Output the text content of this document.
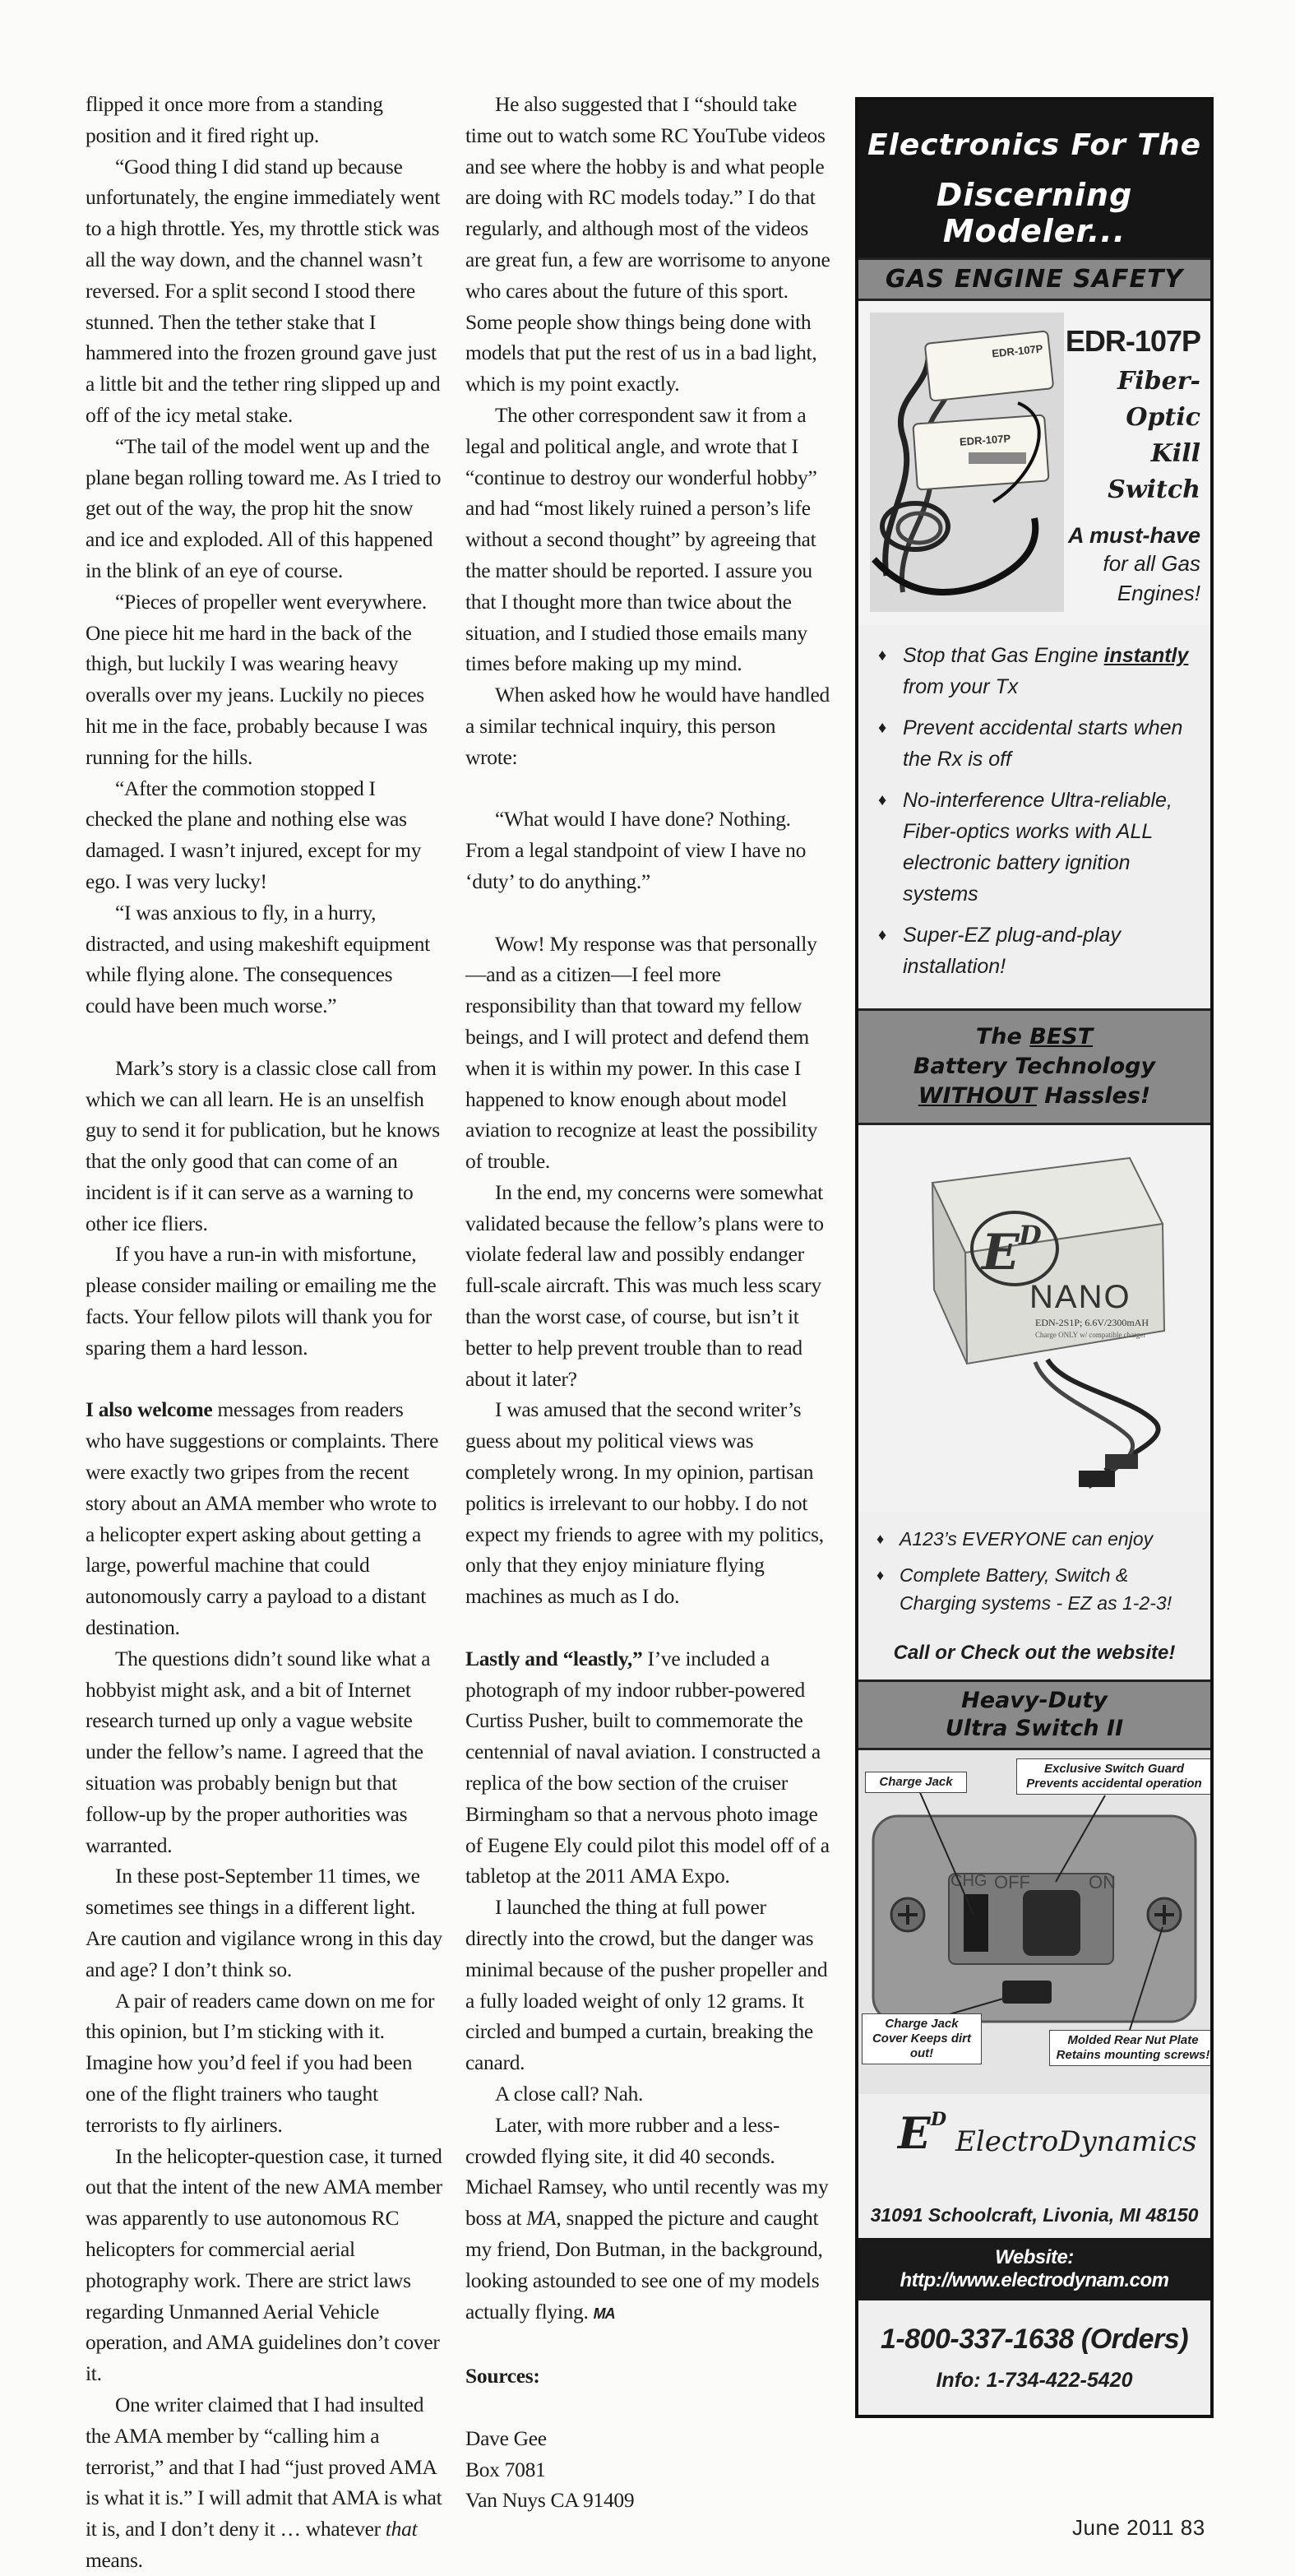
flipped it once more from a standing position and it fired right up.

“Good thing I did stand up because unfortunately, the engine immediately went to a high throttle. Yes, my throttle stick was all the way down, and the channel wasn’t reversed. For a split second I stood there stunned. Then the tether stake that I hammered into the frozen ground gave just a little bit and the tether ring slipped up and off of the icy metal stake.

“The tail of the model went up and the plane began rolling toward me. As I tried to get out of the way, the prop hit the snow and ice and exploded. All of this happened in the blink of an eye of course.

“Pieces of propeller went everywhere. One piece hit me hard in the back of the thigh, but luckily I was wearing heavy overalls over my jeans. Luckily no pieces hit me in the face, probably because I was running for the hills.

“After the commotion stopped I checked the plane and nothing else was damaged. I wasn’t injured, except for my ego. I was very lucky!

“I was anxious to fly, in a hurry, distracted, and using makeshift equipment while flying alone. The consequences could have been much worse.”

Mark’s story is a classic close call from which we can all learn. He is an unselfish guy to send it for publication, but he knows that the only good that can come of an incident is if it can serve as a warning to other ice fliers.

If you have a run-in with misfortune, please consider mailing or emailing me the facts. Your fellow pilots will thank you for sparing them a hard lesson.

I also welcome messages from readers who have suggestions or complaints. There were exactly two gripes from the recent story about an AMA member who wrote to a helicopter expert asking about getting a large, powerful machine that could autonomously carry a payload to a distant destination.

The questions didn’t sound like what a hobbyist might ask, and a bit of Internet research turned up only a vague website under the fellow’s name. I agreed that the situation was probably benign but that follow-up by the proper authorities was warranted.

In these post-September 11 times, we sometimes see things in a different light. Are caution and vigilance wrong in this day and age? I don’t think so.

A pair of readers came down on me for this opinion, but I’m sticking with it. Imagine how you’d feel if you had been one of the flight trainers who taught terrorists to fly airliners.

In the helicopter-question case, it turned out that the intent of the new AMA member was apparently to use autonomous RC helicopters for commercial aerial photography work. There are strict laws regarding Unmanned Aerial Vehicle operation, and AMA guidelines don’t cover it.

One writer claimed that I had insulted the AMA member by “calling him a terrorist,” and that I had “just proved AMA is what it is.” I will admit that AMA is what it is, and I don’t deny it … whatever that means.

He also suggested that I “should take time out to watch some RC YouTube videos and see where the hobby is and what people are doing with RC models today.” I do that regularly, and although most of the videos are great fun, a few are worrisome to anyone who cares about the future of this sport. Some people show things being done with models that put the rest of us in a bad light, which is my point exactly.

The other correspondent saw it from a legal and political angle, and wrote that I “continue to destroy our wonderful hobby” and had “most likely ruined a person’s life without a second thought” by agreeing that the matter should be reported. I assure you that I thought more than twice about the situation, and I studied those emails many times before making up my mind.

When asked how he would have handled a similar technical inquiry, this person wrote:

“What would I have done? Nothing. From a legal standpoint of view I have no ‘duty’ to do anything.”

Wow! My response was that personally—and as a citizen—I feel more responsibility than that toward my fellow beings, and I will protect and defend them when it is within my power. In this case I happened to know enough about model aviation to recognize at least the possibility of trouble.

In the end, my concerns were somewhat validated because the fellow’s plans were to violate federal law and possibly endanger full-scale aircraft. This was much less scary than the worst case, of course, but isn’t it better to help prevent trouble than to read about it later?

I was amused that the second writer’s guess about my political views was completely wrong. In my opinion, partisan politics is irrelevant to our hobby. I do not expect my friends to agree with my politics, only that they enjoy miniature flying machines as much as I do.

Lastly and “leastly,” I’ve included a photograph of my indoor rubber-powered Curtiss Pusher, built to commemorate the centennial of naval aviation. I constructed a replica of the bow section of the cruiser Birmingham so that a nervous photo image of Eugene Ely could pilot this model off of a tabletop at the 2011 AMA Expo.

I launched the thing at full power directly into the crowd, but the danger was minimal because of the pusher propeller and a fully loaded weight of only 12 grams. It circled and bumped a curtain, breaking the canard.

A close call? Nah.

Later, with more rubber and a less-crowded flying site, it did 40 seconds. Michael Ramsey, who until recently was my boss at MA, snapped the picture and caught my friend, Don Butman, in the background, looking astounded to see one of my models actually flying. MA

Sources:

Dave Gee

Box 7081

Van Nuys CA 91409

Electronics For The
Discerning Modeler...
GAS ENGINE SAFETY
EDR-107P
EDR-107P
EDR-107P
Fiber-Optic
Kill
Switch
A must-have
for all Gas
Engines!
♦ Stop that Gas Engine instantly from your Tx
♦ Prevent accidental starts when the Rx is off
♦ No-interference Ultra-reliable, Fiber-optics works with ALL electronic battery ignition systems
♦ Super-EZ plug-and-play installation!
The BEST
Battery Technology
WITHOUT Hassles!
E D
NANO
EDN-2S1P; 6.6V/2300mAH
Charge ONLY w/ compatible charger
♦ A123’s EVERYONE can enjoy
♦ Complete Battery, Switch & Charging systems - EZ as 1-2-3!
Call or Check out the website!
Heavy-Duty
Ultra Switch II
CHG OFF	ON
Charge Jack
Exclusive Switch Guard Prevents accidental operation
Charge Jack Cover Keeps dirt out!
Molded Rear Nut Plate Retains mounting screws!
E D
ElectroDynamics
31091 Schoolcraft, Livonia, MI 48150
Website: http://www.electrodynam.com
1-800-337-1638 (Orders)
Info: 1-734-422-5420
June 2011 83
